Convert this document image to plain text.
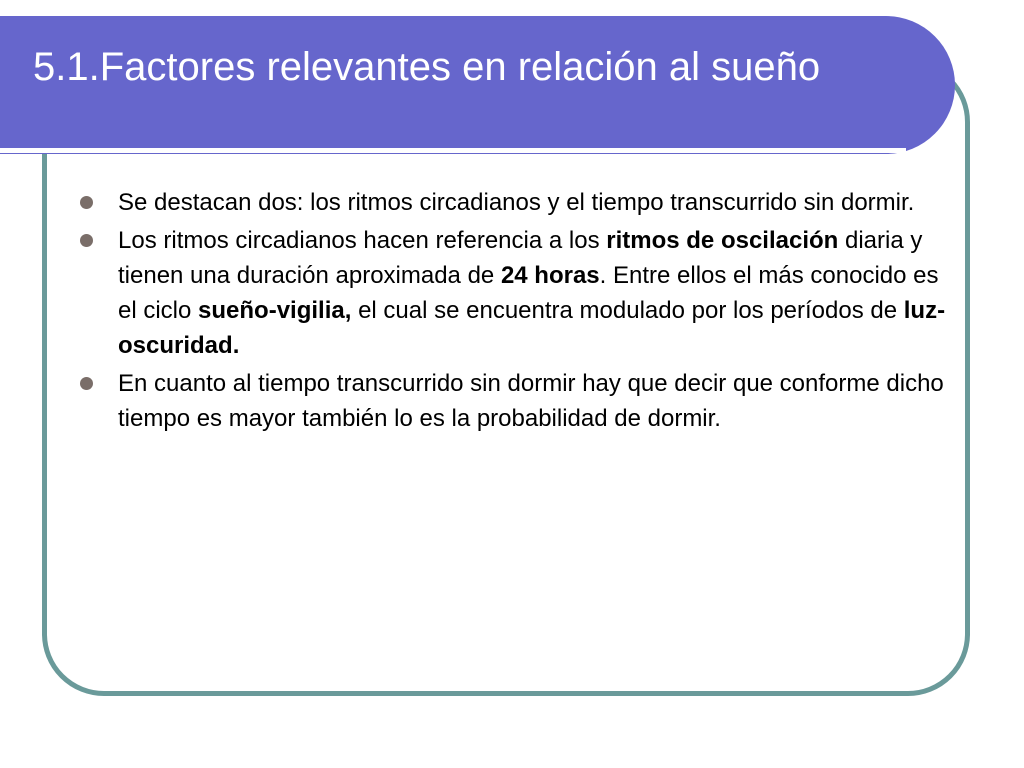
5.1.Factores relevantes en relación al sueño
Se destacan dos: los ritmos circadianos y el tiempo transcurrido sin dormir.
Los ritmos circadianos hacen referencia a los ritmos de oscilación diaria y tienen una duración aproximada de 24 horas. Entre ellos el más conocido es el ciclo sueño-vigilia, el cual se encuentra modulado por los períodos de luz-oscuridad.
En cuanto al tiempo transcurrido sin dormir hay que decir que conforme dicho tiempo es mayor también lo es la probabilidad de dormir.
